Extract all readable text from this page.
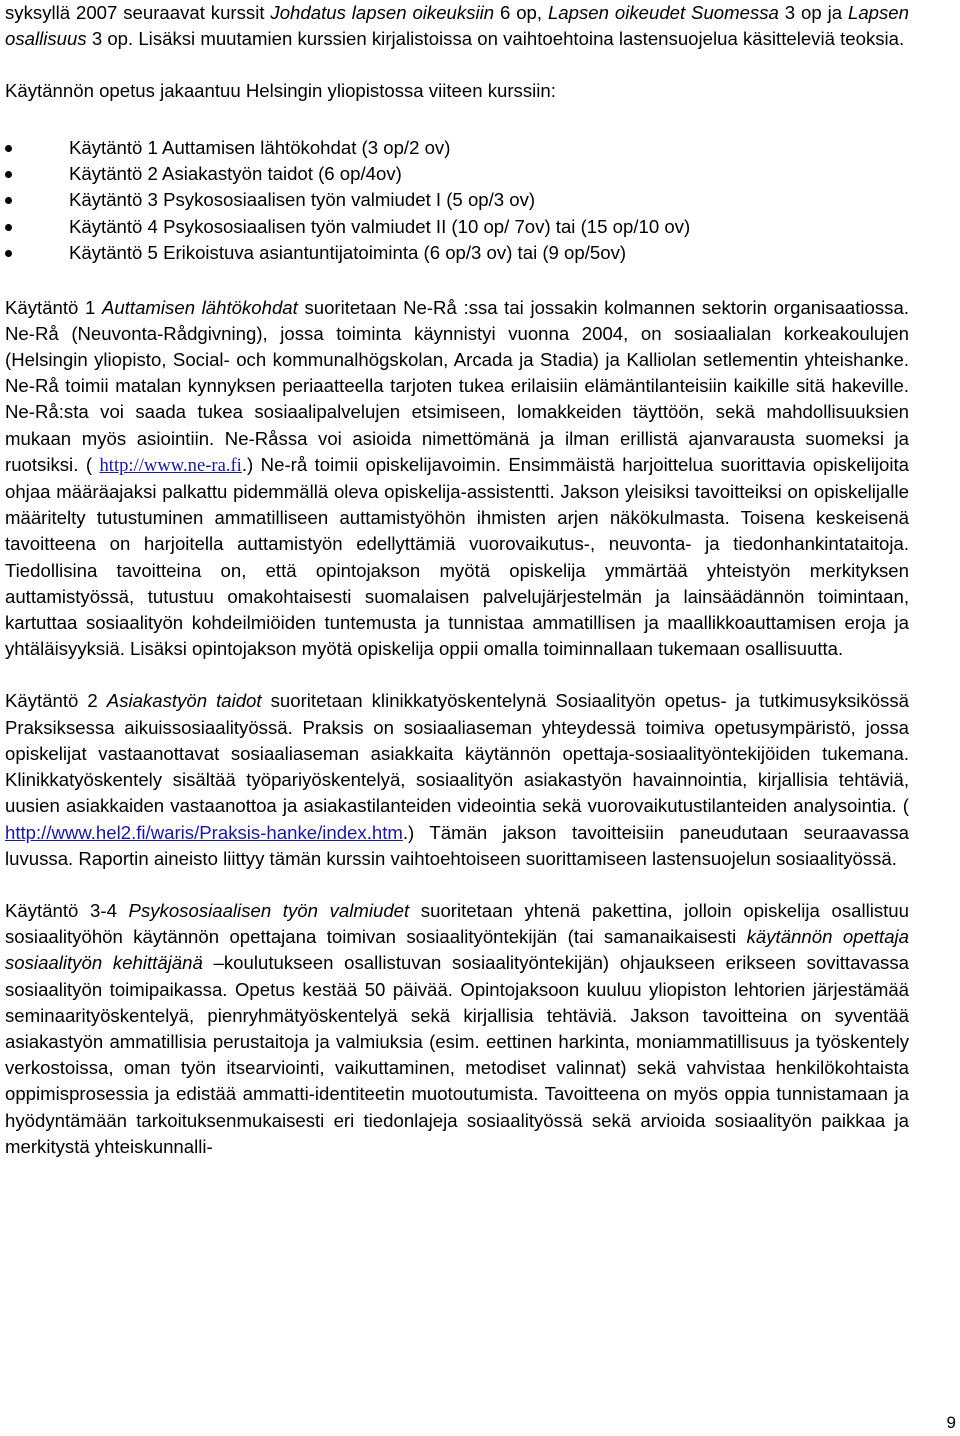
syksyllä 2007 seuraavat kurssit Johdatus lapsen oikeuksiin 6 op, Lapsen oikeudet Suomessa 3 op ja Lapsen osallisuus 3 op. Lisäksi muutamien kurssien kirjalistoissa on vaihtoehtoina lastensuojelua käsitteleviä teoksia.

Käytännön opetus jakaantuu Helsingin yliopistossa viiteen kurssiin:

Käytäntö 1 Auttamisen lähtökohdat (3 op/2 ov)
Käytäntö 2 Asiakastyön taidot (6 op/4ov)
Käytäntö 3 Psykososiaalisen työn valmiudet I (5 op/3 ov)
Käytäntö 4 Psykososiaalisen työn valmiudet II (10 op/ 7ov) tai (15 op/10 ov)
Käytäntö 5 Erikoistuva asiantuntijatoiminta (6 op/3 ov) tai (9 op/5ov)

Käytäntö 1 Auttamisen lähtökohdat suoritetaan Ne-Rå :ssa tai jossakin kolmannen sektorin organisaatiossa. Ne-Rå (Neuvonta-Rådgivning), jossa toiminta käynnistyi vuonna 2004, on sosiaalialan korkeakoulujen (Helsingin yliopisto, Social- och kommunalhögskolan, Arcada ja Stadia) ja Kalliolan setlementin yhteishanke. Ne-Rå toimii matalan kynnyksen periaatteella tarjoten tukea erilaisiin elämäntilanteisiin kaikille sitä hakeville. Ne-Rå:sta voi saada tukea sosiaalipalvelujen etsimiseen, lomakkeiden täyttöön, sekä mahdollisuuksien mukaan myös asiointiin. Ne-Råssa voi asioida nimettömänä ja ilman erillistä ajanvarausta suomeksi ja ruotsiksi. ( http://www.ne-ra.fi.) Ne-rå toimii opiskelijavoimin. Ensimmäistä harjoittelua suorittavia opiskelijoita ohjaa määräajaksi palkattu pidemmällä oleva opiskelija-assistentti. Jakson yleisiksi tavoitteiksi on opiskelijalle määritelty tutustuminen ammatilliseen auttamistyöhön ihmisten arjen näkökulmasta. Toisena keskeisenä tavoitteena on harjoitella auttamistyön edellyttämiä vuorovaikutus-, neuvonta- ja tiedonhankintataitoja. Tiedollisina tavoitteina on, että opintojakson myötä opiskelija ymmärtää yhteistyön merkityksen auttamistyössä, tutustuu omakohtaisesti suomalaisen palvelujärjestelmän ja lainsäädännön toimintaan, kartuttaa sosiaalityön kohdeilmiöiden tuntemusta ja tunnistaa ammatillisen ja maallikkoauttamisen eroja ja yhtäläisyyksiä. Lisäksi opintojakson myötä opiskelija oppii omalla toiminnallaan tukemaan osallisuutta.

Käytäntö 2 Asiakastyön taidot suoritetaan klinikkatyöskentelynä Sosiaalityön opetus- ja tutkimusyksikössä Praksiksessa aikuissosiaalityössä. Praksis on sosiaaliaseman yhteydessä toimiva opetusympäristö, jossa opiskelijat vastaanottavat sosiaaliaseman asiakkaita käytännön opettaja-sosiaalityöntekijöiden tukemana. Klinikkatyöskentely sisältää työpariyöskentelyä, sosiaalityön asiakastyön havainnointia, kirjallisia tehtäviä, uusien asiakkaiden vastaanottoa ja asiakastilanteiden videointia sekä vuorovaikutustilanteiden analysointia. ( http://www.hel2.fi/waris/Praksis-hanke/index.htm.) Tämän jakson tavoitteisiin paneudutaan seuraavassa luvussa. Raportin aineisto liittyy tämän kurssin vaihtoehtoiseen suorittamiseen lastensuojelun sosiaalityössä.

Käytäntö 3-4 Psykososiaalisen työn valmiudet suoritetaan yhtenä pakettina, jolloin opiskelija osallistuu sosiaalityöhön käytännön opettajana toimivan sosiaalityöntekijän (tai samanaikaisesti käytännön opettaja sosiaalityön kehittäjänä –koulutukseen osallistuvan sosiaalityöntekijän) ohjaukseen erikseen sovittavassa sosiaalityön toimipaikassa. Opetus kestää 50 päivää. Opintojaksoon kuuluu yliopiston lehtorien järjestämää seminaarityöskentelyä, pienryhmätyöskentelyä sekä kirjallisia tehtäviä. Jakson tavoitteina on syventää asiakastyön ammatillisia perustaitoja ja valmiuksia (esim. eettinen harkinta, moniammatillisuus ja työskentely verkostoissa, oman työn itsearviointi, vaikuttaminen, metodiset valinnat) sekä vahvistaa henkilökohtaista oppimisprosessia ja edistää ammatti-identiteetin muotoutumista. Tavoitteena on myös oppia tunnistamaan ja hyödyntämään tarkoituksenmukaisesti eri tiedonlajeja sosiaalityössä sekä arvioida sosiaalityön paikkaa ja merkitystä yhteiskunnalli-

9
